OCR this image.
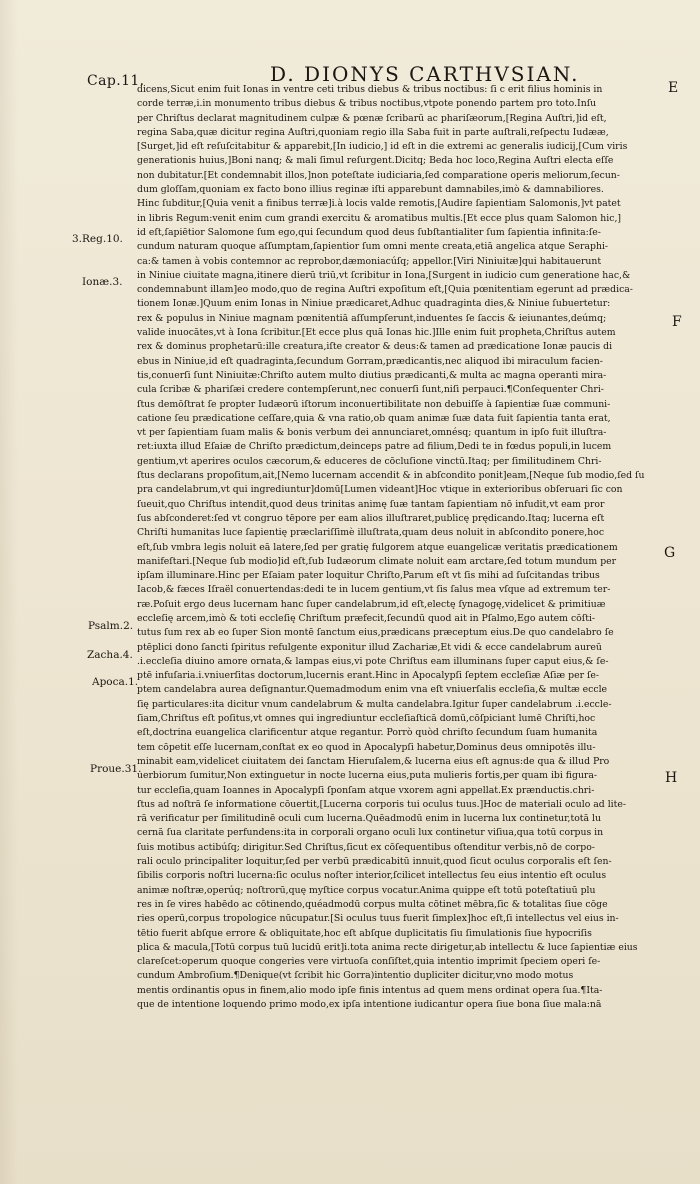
Cap.11.	D. DIONYS CARTHVSIAN.
3.Reg.10.
Ionæ.3.
Psalm.2.
Zacha.4.
Apoca.1.
Proue.31.
E
F
G
H
dicens,Sicut enim fuit Ionas in ventre ceti tribus diebus & tribus noctibus: ſi c erit filius hominis in
corde terræ,i.in monumento tribus diebus & tribus noctibus,vtpote ponendo partem pro toto.Inſu
per Chriſtus declarat magnitudinem culpæ & pœnæ ſcribarū ac phariſæorum,[Regina Auſtri,]id eſt,
regina Saba,quæ dicitur regina Auſtri,quoniam regio illa Saba fuit in parte auſtrali,reſpectu Iudææ,
[Surget,]id eſt reſuſcitabitur & apparebit,[In iudicio,] id eſt in die extremi ac generalis iudicij,[Cum viris
generationis huius,]Boni nanq; & mali ſimul reſurgent.Dicitq; Beda hoc loco,Regina Auſtri electa eſſe
non dubitatur.[Et condemnabit illos,]non poteſtate iudiciaria,ſed comparatione operis meliorum,ſecun-
dum gloſſam,quoniam ex facto bono illius reginæ iſti apparebunt damnabiles,imò & damnabiliores.
Hinc ſubditur,[Quia venit a finibus terræ]i.à locis valde remotis,[Audire ſapientiam Salomonis,]vt patet
in libris Regum:venit enim cum grandi exercitu & aromatibus multis.[Et ecce plus quam Salomon hic,]
id eſt,ſapiētior Salomone ſum ego,qui ſecundum quod deus ſubſtantialiter ſum ſapientia infinita:ſe-
cundum naturam quoque aſſumptam,ſapientior ſum omni mente creata,etiā angelica atque Seraphi-
ca:& tamen à vobis contemnor ac reprobor,dæmoniacúſq; appellor.[Viri Niniuitæ]qui habitauerunt
in Niniue ciuitate magna,itinere dierū triū,vt ſcribitur in Iona,[Surgent in iudicio cum generatione hac,&
condemnabunt illam]eo modo,quo de regina Auſtri expoſitum eſt,[Quia pœnitentiam egerunt ad prædica-
tionem Ionæ.]Quum enim Ionas in Niniue prædicaret,Adhuc quadraginta dies,& Niniue ſubuertetur:
rex & populus in Niniue magnam pœnitentiā aſſumpſerunt,induentes ſe ſaccis & ieiunantes,deúmq;
valide inuocātes,vt à Iona ſcribitur.[Et ecce plus quā Ionas hic.]Ille enim fuit propheta,Chriſtus autem
rex & dominus prophetarū:ille creatura,iſte creator & deus:& tamen ad prædicatione Ionæ paucis di
ebus in Niniue,id eſt quadraginta,ſecundum Gorram,prædicantis,nec aliquod ibi miraculum facien-
tis,conuerſi ſunt Niniuitæ:Chriſto autem multo diutius prædicanti,& multa ac magna operanti mira-
cula ſcribæ & phariſæi credere contempſerunt,nec conuerſi ſunt,niſi perpauci.¶Conſequenter Chri-
ſtus demōſtrat ſe propter Iudæorū iſtorum inconuertibilitate non debuiſſe à ſapientiæ ſuæ communi-
catione ſeu prædicatione ceſſare,quia & vna ratio,ob quam animæ ſuæ data fuit ſapientia tanta erat,
vt per ſapientiam ſuam malis & bonis verbum dei annunciaret,omnésq; quantum in ipſo fuit illuſtra-
ret:iuxta illud Eſaiæ de Chriſto prædictum,deinceps patre ad filium,Dedi te in fœdus populi,in lucem
gentium,vt aperires oculos cæcorum,& educeres de cōcluſione vinctū.Itaq; per ſimilitudinem Chri-
ſtus declarans propoſitum,ait,[Nemo lucernam accendit & in abſcondito ponit]eam,[Neque ſub modio,ſed ſu
pra candelabrum,vt qui ingrediuntur]domū[Lumen videant]Hoc vtique in exterioribus obſeruari ſic con
ſueuit,quo Chriſtus intendit,quod deus trinitas animę ſuæ tantam ſapientiam nō infudit,vt eam pror
ſus abſconderet:ſed vt congruo tēpore per eam alios illuſtraret,publicę prędicando.Itaq; lucerna eſt
Chriſti humanitas luce ſapientię præclariſſimè illuſtrata,quam deus noluit in abſcondito ponere,hoc
eſt,ſub vmbra legis noluit eā latere,ſed per gratię fulgorem atque euangelicæ veritatis prædicationem
manifeſtari.[Neque ſub modio]id eſt,ſub Iudæorum climate noluit eam arctare,ſed totum mundum per
ipſam illuminare.Hinc per Eſaiam pater loquitur Chriſto,Parum eſt vt ſis mihi ad ſuſcitandas tribus
Iacob,& fæces Iſraël conuertendas:dedi te in lucem gentium,vt ſis ſalus mea vſque ad extremum ter-
ræ.Poſuit ergo deus lucernam hanc ſuper candelabrum,id eſt,electę ſynagogę,videlicet & primitiuæ
eccleſię arcem,imò & toti eccleſię Chriſtum præfecit,ſecundū quod ait in Pſalmo,Ego autem cōſti-
tutus ſum rex ab eo ſuper Sion montē ſanctum eius,prædicans præceptum eius.De quo candelabro ſe
ptēplici dono ſancti ſpiritus refulgente exponitur illud Zachariæ,Et vidi & ecce candelabrum aureū
.i.eccleſia diuino amore ornata,& lampas eius,vi pote Chriſtus eam illuminans ſuper caput eius,& ſe-
ptē infuſaria.i.vniuerſitas doctorum,lucernis erant.Hinc in Apocalypſi ſeptem eccleſiæ Aſiæ per ſe-
ptem candelabra aurea deſignantur.Quemadmodum enim vna eſt vniuerſalis eccleſia,& multæ eccle
ſię particulares:ita dicitur vnum candelabrum & multa candelabra.Igitur ſuper candelabrum .i.eccle-
ſiam,Chriſtus eſt poſitus,vt omnes qui ingrediuntur eccleſiaſticā domū,cōſpiciant lumē Chriſti,hoc
eſt,doctrina euangelica clarificentur atque regantur. Porrò quòd chriſto ſecundum ſuam humanita
tem cōpetit eſſe lucernam,conſtat ex eo quod in Apocalypſi habetur,Dominus deus omnipotēs illu-
minabit eam,videlicet ciuitatem dei ſanctam Hieruſalem,& lucerna eius eſt agnus:de qua & illud Pro
uerbiorum ſumitur,Non extinguetur in nocte lucerna eius,puta mulieris fortis,per quam ibi figura-
tur eccleſia,quam Ioannes in Apocalypſi ſponſam atque vxorem agni appellat.Ex prænductis.chri-
ſtus ad noſtrā ſe informatione cōuertit,[Lucerna corporis tui oculus tuus.]Hoc de materiali oculo ad lite-
rā verificatur per ſimilitudinē oculi cum lucerna.Quēadmodū enim in lucerna lux continetur,totā lu
cernā ſua claritate perfundens:ita in corporali organo oculi lux continetur viſiua,qua totū corpus in
ſuis motibus actibúſq; dirigitur.Sed Chriſtus,ſicut ex cōſequentibus oſtenditur verbis,nō de corpo-
rali oculo principaliter loquitur,ſed per verbū prædicabitū innuit,quod ſicut oculus corporalis eſt ſen-
ſibilis corporis noſtri lucerna:ſic oculus noſter interior,ſcilicet intellectus ſeu eius intentio eſt oculus
animæ noſtræ,operúq; noſtrorū,quę myſtice corpus vocatur.Anima quippe eſt totū poteſtatiuū plu
res in ſe vires habēdo ac cōtinendo,quéadmodū corpus multa cōtinet mēbra,ſic & totalitas ſiue cōge
ries operū,corpus tropologice nūcupatur.[Si oculus tuus fuerit ſimplex]hoc eſt,ſi intellectus vel eius in-
tētio fuerit abſque errore & obliquitate,hoc eſt abſque duplicitatis ſiu ſimulationis ſiue hypocriſis
plica & macula,[Totū corpus tuū lucidū erit]i.tota anima recte dirigetur,ab intellectu & luce ſapientiæ eius
clareſcet:operum quoque congeries vere virtuoſa conſiſtet,quia intentio imprimit ſpeciem operi ſe-
cundum Ambroſium.¶Denique(vt ſcribit hic Gorra)intentio dupliciter dicitur,vno modo motus
mentis ordinantis opus in finem,alio modo ipſe finis intentus ad quem mens ordinat opera ſua.¶Ita-
que de intentione loquendo primo modo,ex ipſa intentione iudicantur opera ſiue bona ſiue mala:nā
